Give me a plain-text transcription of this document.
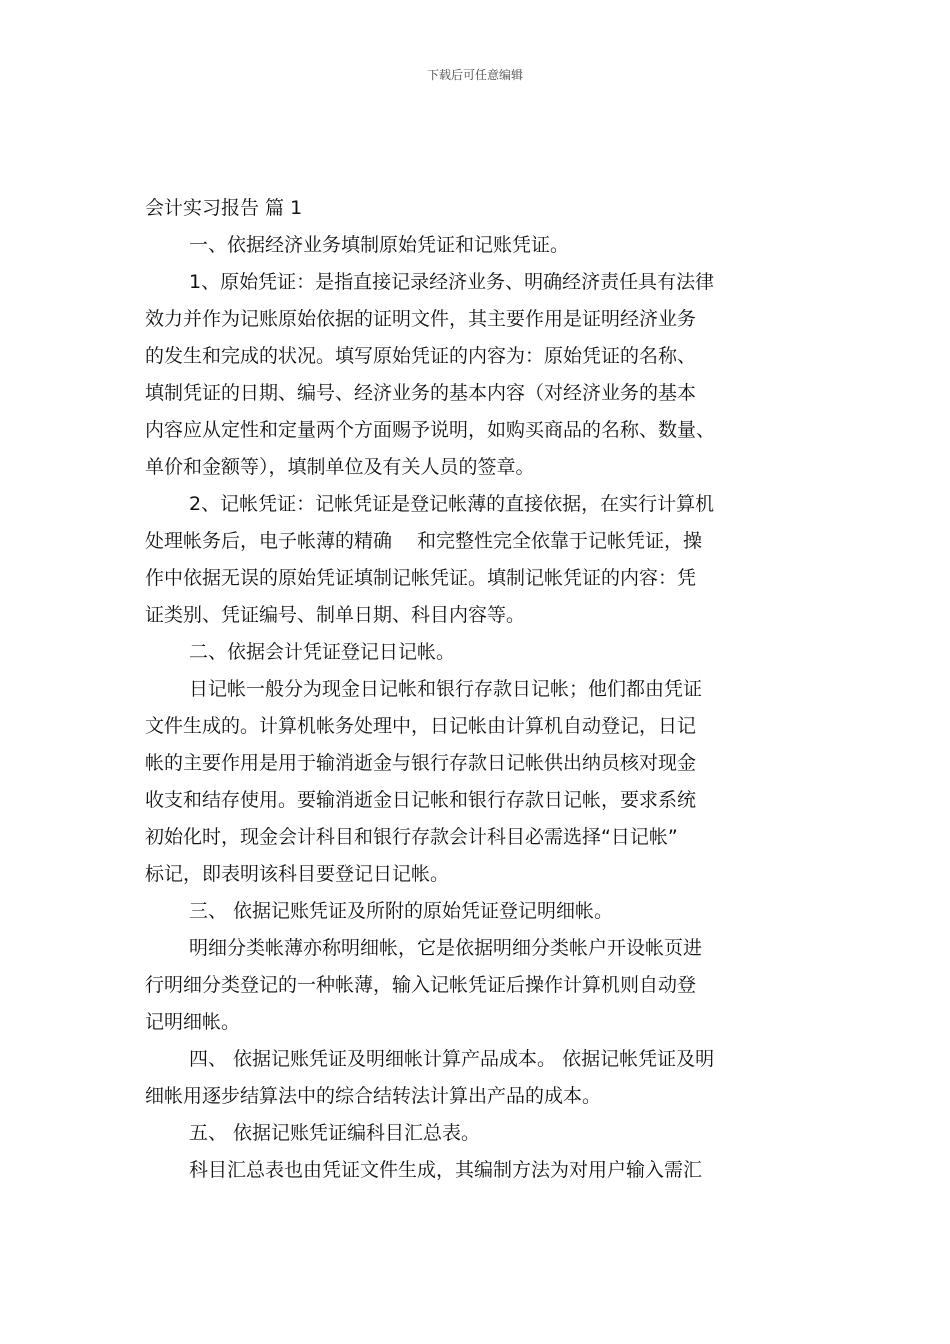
下载后可任意编辑

会计实习报告 篇 1

一、依据经济业务填制原始凭证和记账凭证。

1、原始凭证：是指直接记录经济业务、明确经济责任具有法律

效力并作为记账原始依据的证明文件，其主要作用是证明经济业务

的发生和完成的状况。填写原始凭证的内容为：原始凭证的名称、

填制凭证的日期、编号、经济业务的基本内容（对经济业务的基本

内容应从定性和定量两个方面赐予说明，如购买商品的名称、数量、

单价和金额等），填制单位及有关人员的签章。

2、记帐凭证：记帐凭证是登记帐薄的直接依据，在实行计算机

处理帐务后，电子帐薄的精确　 和完整性完全依靠于记帐凭证，操

作中依据无误的原始凭证填制记帐凭证。填制记帐凭证的内容：凭

证类别、凭证编号、制单日期、科目内容等。

二、依据会计凭证登记日记帐。

日记帐一般分为现金日记帐和银行存款日记帐；他们都由凭证

文件生成的。计算机帐务处理中，日记帐由计算机自动登记，日记

帐的主要作用是用于输消逝金与银行存款日记帐供出纳员核对现金

收支和结存使用。要输消逝金日记帐和银行存款日记帐，要求系统

初始化时，现金会计科目和银行存款会计科目必需选择“日记帐”

标记，即表明该科目要登记日记帐。

三、 依据记账凭证及所附的原始凭证登记明细帐。

明细分类帐薄亦称明细帐，它是依据明细分类帐户开设帐页进

行明细分类登记的一种帐薄，输入记帐凭证后操作计算机则自动登

记明细帐。

四、 依据记账凭证及明细帐计算产品成本。 依据记帐凭证及明

细帐用逐步结算法中的综合结转法计算出产品的成本。

五、 依据记账凭证编科目汇总表。

科目汇总表也由凭证文件生成，其编制方法为对用户输入需汇
